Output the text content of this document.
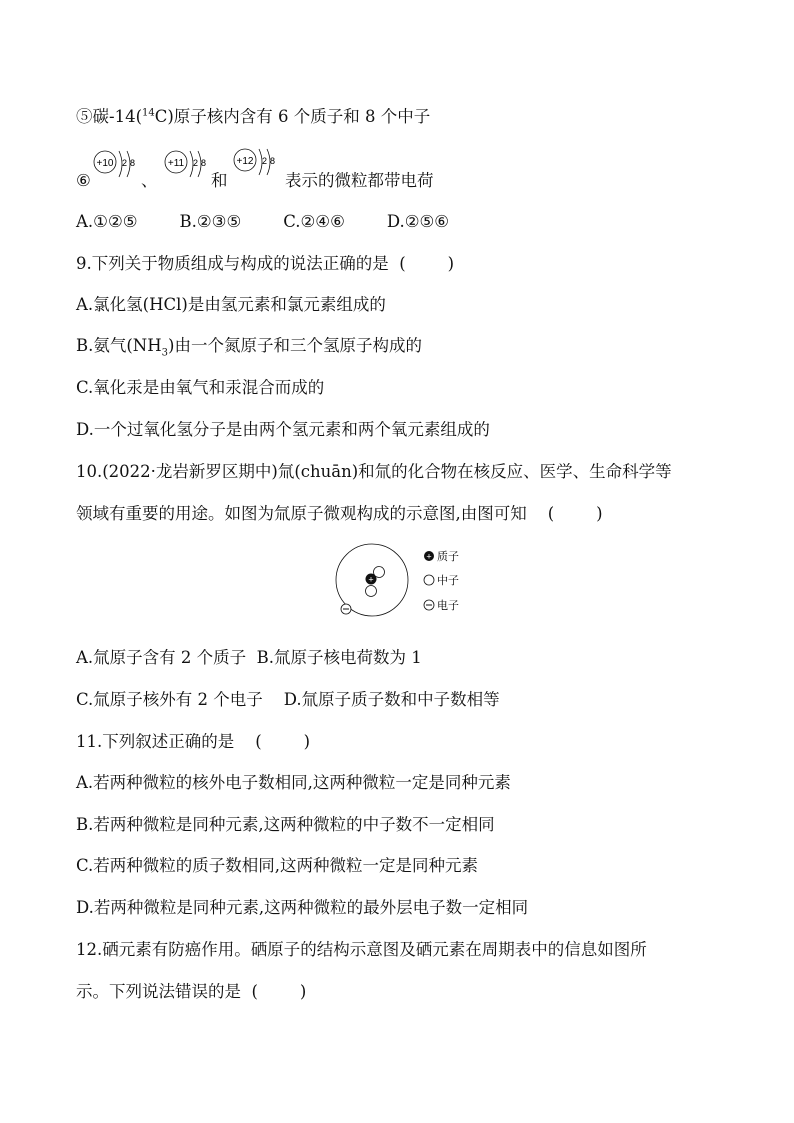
⑤碳-14($^{14}$C)原子核内含有 6 个质子和 8 个中子
⑥
+10 2 8
、
+11 2 8
和
+12 2 8
表示的微粒都带电荷
A.①②⑤        B.②③⑤        C.②④⑥        D.②⑤⑥
9.下列关于物质组成与构成的说法正确的是  (        )
A.氯化氢(HCl)是由氢元素和氯元素组成的
B.氨气$(NH_3)$由一个氮原子和三个氢原子构成的
C.氧化汞是由氧气和汞混合而成的
D.一个过氧化氢分子是由两个氢元素和两个氧元素组成的
10.(2022·龙岩新罗区期中)氚(chuān)和氚的化合物在核反应、医学、生命科学等
领域有重要的用途。如图为氚原子微观构成的示意图,由图可知    (        )
+
+ 质子
中子
电子
A.氚原子含有 2 个质子  B.氚原子核电荷数为 1
C.氚原子核外有 2 个电子    D.氚原子质子数和中子数相等
11.下列叙述正确的是    (        )
A.若两种微粒的核外电子数相同,这两种微粒一定是同种元素
B.若两种微粒是同种元素,这两种微粒的中子数不一定相同
C.若两种微粒的质子数相同,这两种微粒一定是同种元素
D.若两种微粒是同种元素,这两种微粒的最外层电子数一定相同
12.硒元素有防癌作用。硒原子的结构示意图及硒元素在周期表中的信息如图所
示。下列说法错误的是  (        )
